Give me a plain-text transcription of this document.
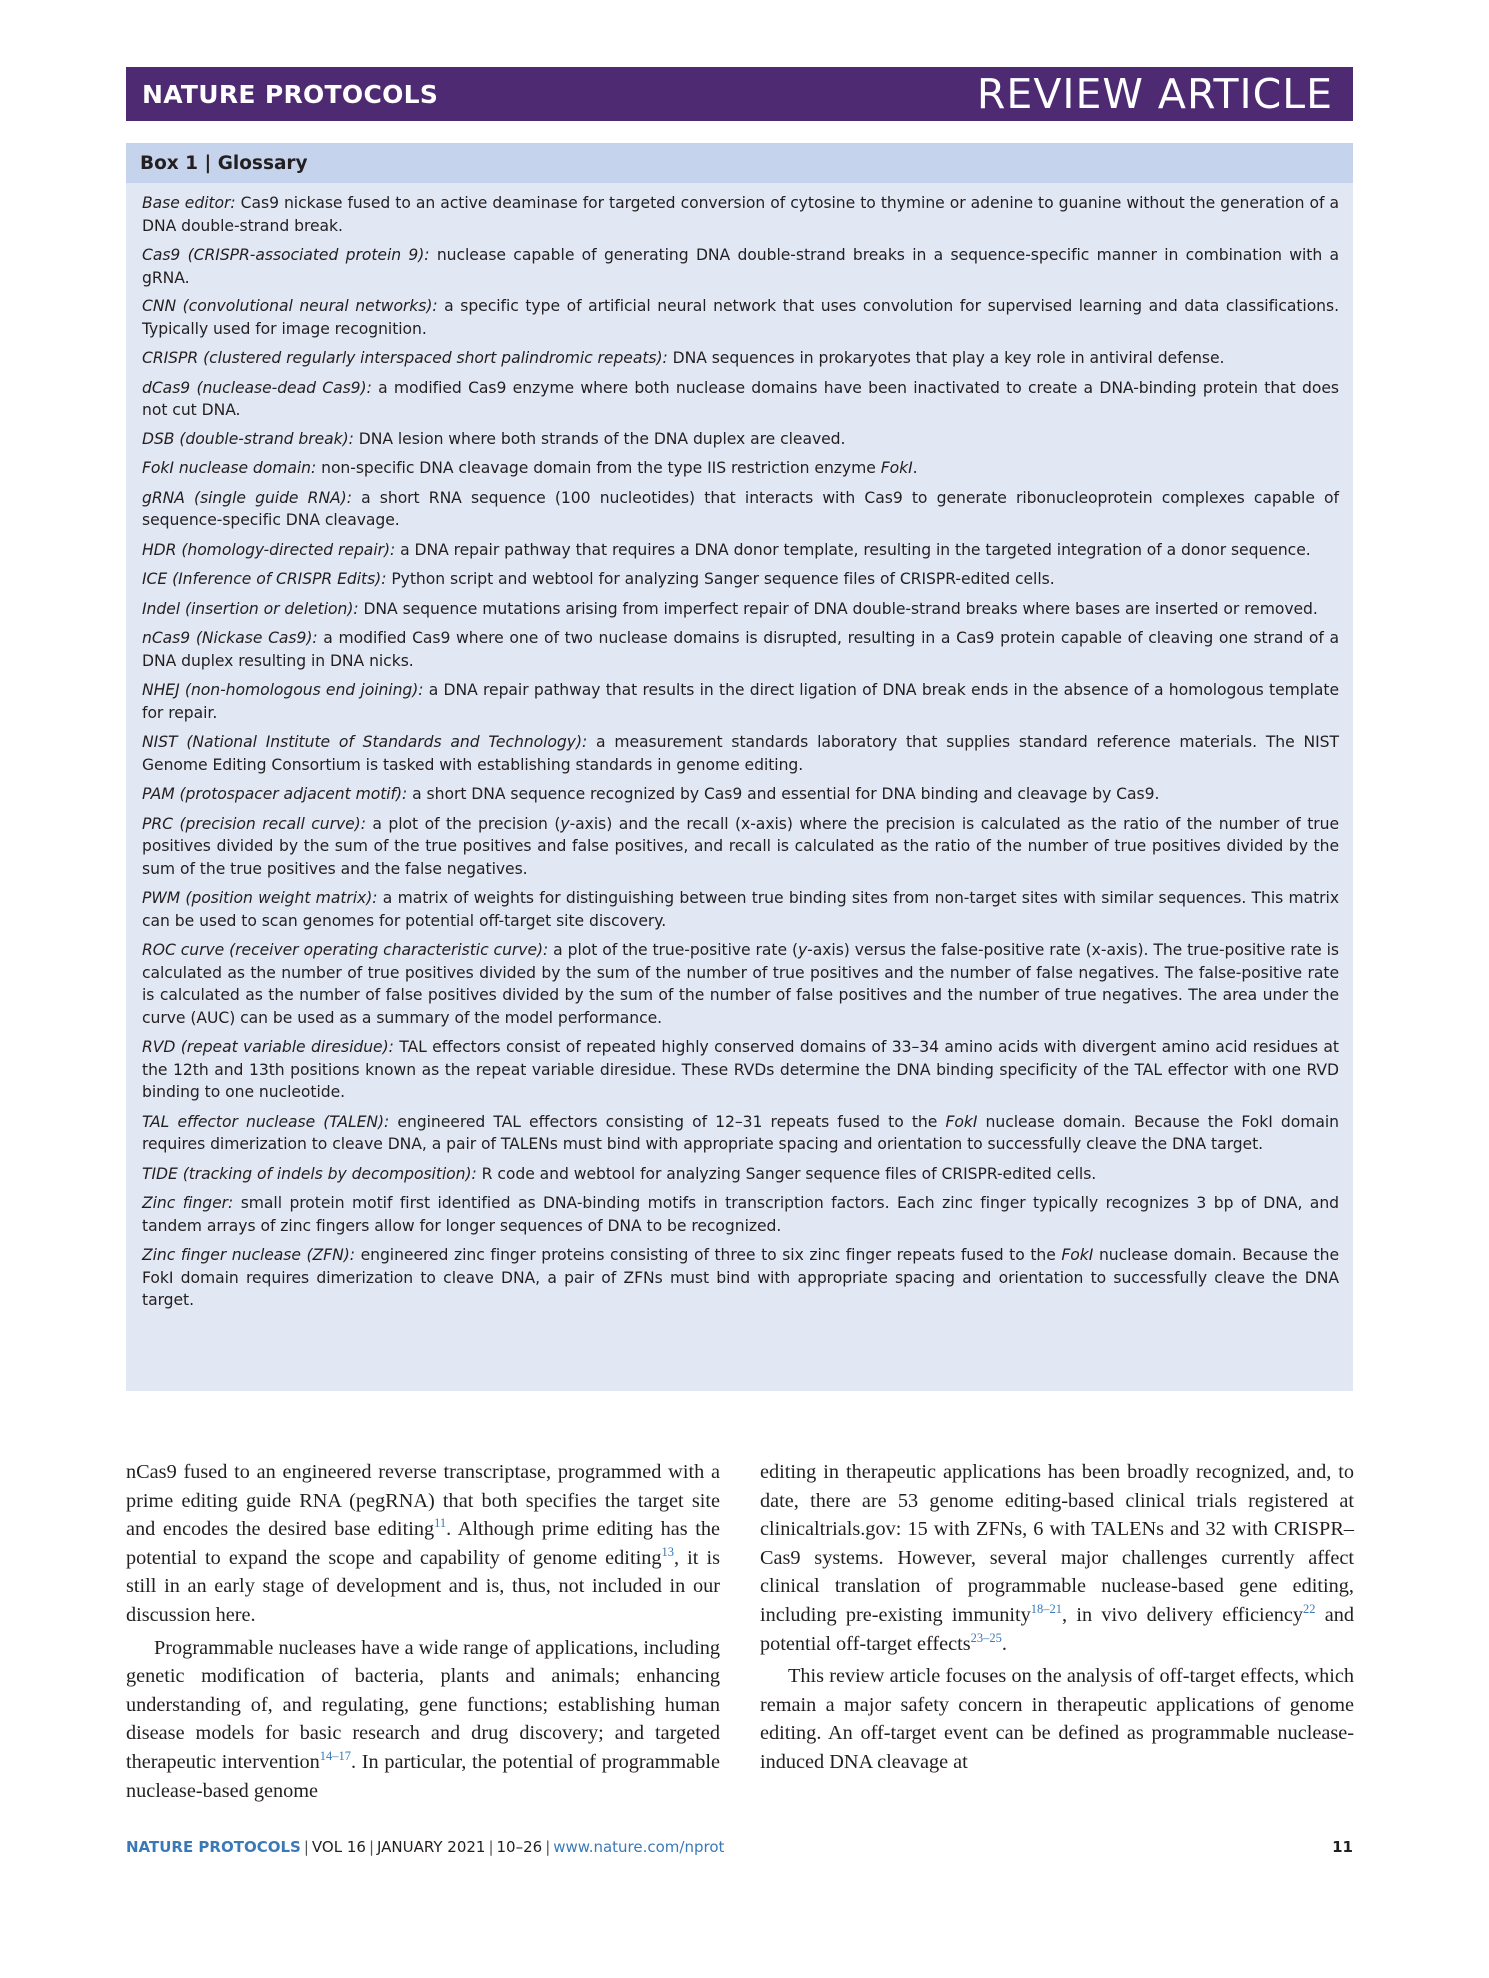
NATURE PROTOCOLS	REVIEW ARTICLE
Box 1 | Glossary
Base editor: Cas9 nickase fused to an active deaminase for targeted conversion of cytosine to thymine or adenine to guanine without the generation of a DNA double-strand break.
Cas9 (CRISPR-associated protein 9): nuclease capable of generating DNA double-strand breaks in a sequence-specific manner in combination with a gRNA.
CNN (convolutional neural networks): a specific type of artificial neural network that uses convolution for supervised learning and data classifications. Typically used for image recognition.
CRISPR (clustered regularly interspaced short palindromic repeats): DNA sequences in prokaryotes that play a key role in antiviral defense.
dCas9 (nuclease-dead Cas9): a modified Cas9 enzyme where both nuclease domains have been inactivated to create a DNA-binding protein that does not cut DNA.
DSB (double-strand break): DNA lesion where both strands of the DNA duplex are cleaved.
FokI nuclease domain: non-specific DNA cleavage domain from the type IIS restriction enzyme FokI.
gRNA (single guide RNA): a short RNA sequence (100 nucleotides) that interacts with Cas9 to generate ribonucleoprotein complexes capable of sequence-specific DNA cleavage.
HDR (homology-directed repair): a DNA repair pathway that requires a DNA donor template, resulting in the targeted integration of a donor sequence.
ICE (Inference of CRISPR Edits): Python script and webtool for analyzing Sanger sequence files of CRISPR-edited cells.
Indel (insertion or deletion): DNA sequence mutations arising from imperfect repair of DNA double-strand breaks where bases are inserted or removed.
nCas9 (Nickase Cas9): a modified Cas9 where one of two nuclease domains is disrupted, resulting in a Cas9 protein capable of cleaving one strand of a DNA duplex resulting in DNA nicks.
NHEJ (non-homologous end joining): a DNA repair pathway that results in the direct ligation of DNA break ends in the absence of a homologous template for repair.
NIST (National Institute of Standards and Technology): a measurement standards laboratory that supplies standard reference materials. The NIST Genome Editing Consortium is tasked with establishing standards in genome editing.
PAM (protospacer adjacent motif): a short DNA sequence recognized by Cas9 and essential for DNA binding and cleavage by Cas9.
PRC (precision recall curve): a plot of the precision (y-axis) and the recall (x-axis) where the precision is calculated as the ratio of the number of true positives divided by the sum of the true positives and false positives, and recall is calculated as the ratio of the number of true positives divided by the sum of the true positives and the false negatives.
PWM (position weight matrix): a matrix of weights for distinguishing between true binding sites from non-target sites with similar sequences. This matrix can be used to scan genomes for potential off-target site discovery.
ROC curve (receiver operating characteristic curve): a plot of the true-positive rate (y-axis) versus the false-positive rate (x-axis). The true-positive rate is calculated as the number of true positives divided by the sum of the number of true positives and the number of false negatives. The false-positive rate is calculated as the number of false positives divided by the sum of the number of false positives and the number of true negatives. The area under the curve (AUC) can be used as a summary of the model performance.
RVD (repeat variable diresidue): TAL effectors consist of repeated highly conserved domains of 33–34 amino acids with divergent amino acid residues at the 12th and 13th positions known as the repeat variable diresidue. These RVDs determine the DNA binding specificity of the TAL effector with one RVD binding to one nucleotide.
TAL effector nuclease (TALEN): engineered TAL effectors consisting of 12–31 repeats fused to the FokI nuclease domain. Because the FokI domain requires dimerization to cleave DNA, a pair of TALENs must bind with appropriate spacing and orientation to successfully cleave the DNA target.
TIDE (tracking of indels by decomposition): R code and webtool for analyzing Sanger sequence files of CRISPR-edited cells.
Zinc finger: small protein motif first identified as DNA-binding motifs in transcription factors. Each zinc finger typically recognizes 3 bp of DNA, and tandem arrays of zinc fingers allow for longer sequences of DNA to be recognized.
Zinc finger nuclease (ZFN): engineered zinc finger proteins consisting of three to six zinc finger repeats fused to the FokI nuclease domain. Because the FokI domain requires dimerization to cleave DNA, a pair of ZFNs must bind with appropriate spacing and orientation to successfully cleave the DNA target.

nCas9 fused to an engineered reverse transcriptase, programmed with a prime editing guide RNA (pegRNA) that both specifies the target site and encodes the desired base editing$^{11}$. Although prime editing has the potential to expand the scope and capability of genome editing$^{13}$, it is still in an early stage of development and is, thus, not included in our discussion here.

Programmable nucleases have a wide range of applications, including genetic modification of bacteria, plants and animals; enhancing understanding of, and regulating, gene functions; establishing human disease models for basic research and drug discovery; and targeted therapeutic intervention$^{14-17}$. In particular, the potential of programmable nuclease-based genome

editing in therapeutic applications has been broadly recognized, and, to date, there are 53 genome editing-based clinical trials registered at clinicaltrials.gov: 15 with ZFNs, 6 with TALENs and 32 with CRISPR–Cas9 systems. However, several major challenges currently affect clinical translation of programmable nuclease-based gene editing, including pre-existing immunity$^{18-21}$, in vivo delivery efficiency$^{22}$ and potential off-target effects$^{23-25}$.

This review article focuses on the analysis of off-target effects, which remain a major safety concern in therapeutic applications of genome editing. An off-target event can be defined as programmable nuclease-induced DNA cleavage at

NATURE PROTOCOLS | VOL 16 | JANUARY 2021 | 10–26 | www.nature.com/nprot	11
